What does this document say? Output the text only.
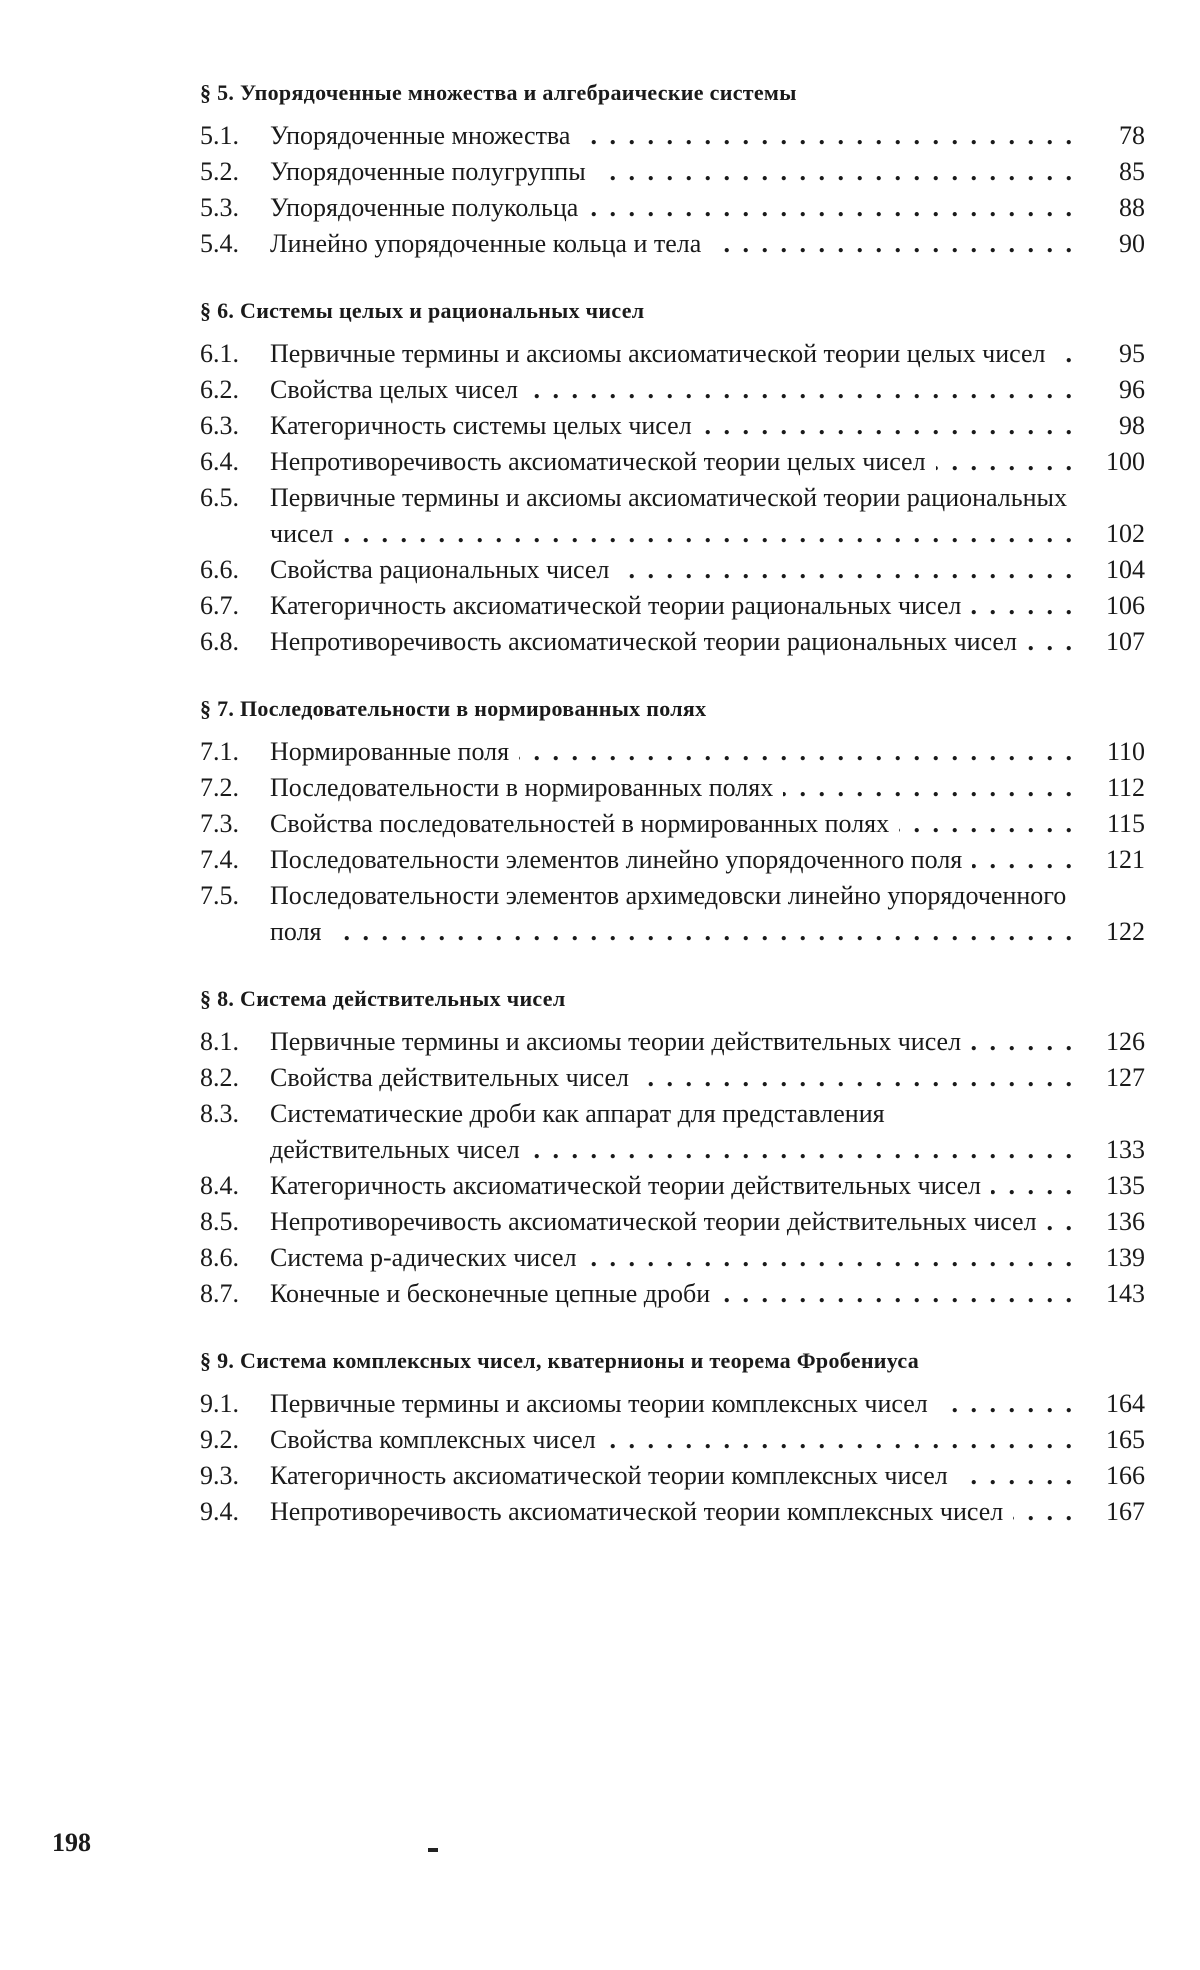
§ 5. Упорядоченные множества и алгебраические системы
5.1.	Упорядоченные множества . . .	78
5.2.	Упорядоченные полугруппы . . .	85
5.3.	Упорядоченные полукольца . . .	88
5.4.	Линейно упорядоченные кольца и тела . . .	90
§ 6. Системы целых и рациональных чисел
6.1.	Первичные термины и аксиомы аксиоматической теории целых чисел . . .	95
6.2.	Свойства целых чисел . . .	96
6.3.	Категоричность системы целых чисел . . .	98
6.4.	Непротиворечивость аксиоматической теории целых чисел . . .	100
6.5.	Первичные термины и аксиомы аксиоматической теории рациональных чисел . . .	102
6.6.	Свойства рациональных чисел . . .	104
6.7.	Категоричность аксиоматической теории рациональных чисел . . .	106
6.8.	Непротиворечивость аксиоматической теории рациональных чисел . . .	107
§ 7. Последовательности в нормированных полях
7.1.	Нормированные поля . . .	110
7.2.	Последовательности в нормированных полях . . .	112
7.3.	Свойства последовательностей в нормированных полях . . .	115
7.4.	Последовательности элементов линейно упорядоченного поля . . .	121
7.5.	Последовательности элементов архимедовски линейно упорядоченного поля . . .	122
§ 8. Система действительных чисел
8.1.	Первичные термины и аксиомы теории действительных чисел . . .	126
8.2.	Свойства действительных чисел . . .	127
8.3.	Систематические дроби как аппарат для представления действительных чисел . . .	133
8.4.	Категоричность аксиоматической теории действительных чисел . . .	135
8.5.	Непротиворечивость аксиоматической теории действительных чисел . . .	136
8.6.	Система p-адических чисел . . .	139
8.7.	Конечные и бесконечные цепные дроби . . .	143
§ 9. Система комплексных чисел, кватернионы и теорема Фробениуса
9.1.	Первичные термины и аксиомы теории комплексных чисел . . .	164
9.2.	Свойства комплексных чисел . . .	165
9.3.	Категоричность аксиоматической теории комплексных чисел . . .	166
9.4.	Непротиворечивость аксиоматической теории комплексных чисел . . .	167
198
